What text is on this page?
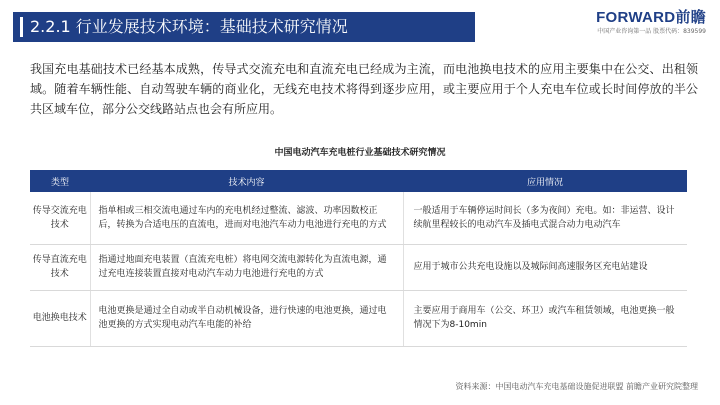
2.2.1 行业发展技术环境：基础技术研究情况	FORWARD前瞻
中国产业咨询第一品 股票代码：839599

我国充电基础技术已经基本成熟，传导式交流充电和直流充电已经成为主流，而电池换电技术的应用主要集中在公交、出租领域。随着车辆性能、自动驾驶车辆的商业化，无线充电技术将得到逐步应用，或主要应用于个人充电车位或长时间停放的半公共区域车位，部分公交线路站点也会有所应用。

中国电动汽车充电桩行业基础技术研究情况
类型	技术内容	应用情况
传导交流充电技术	指单相或三相交流电通过车内的充电机经过整流、滤波、功率因数校正后，转换为合适电压的直流电，进而对电池汽车动力电池进行充电的方式	一般适用于车辆停运时间长（多为夜间）充电。如：非运营、设计续航里程较长的电动汽车及插电式混合动力电动汽车
传导直流充电技术	指通过地面充电装置（直流充电桩）将电网交流电源转化为直流电源，通过充电连接装置直接对电动汽车动力电池进行充电的方式	应用于城市公共充电设施以及城际间高速服务区充电站建设
电池换电技术	电池更换是通过全自动或半自动机械设备，进行快速的电池更换，通过电池更换的方式实现电动汽车电能的补给	主要应用于商用车（公交、环卫）或汽车租赁领域，电池更换一般情况下为8-10min
资料来源：中国电动汽车充电基础设施促进联盟 前瞻产业研究院整理
